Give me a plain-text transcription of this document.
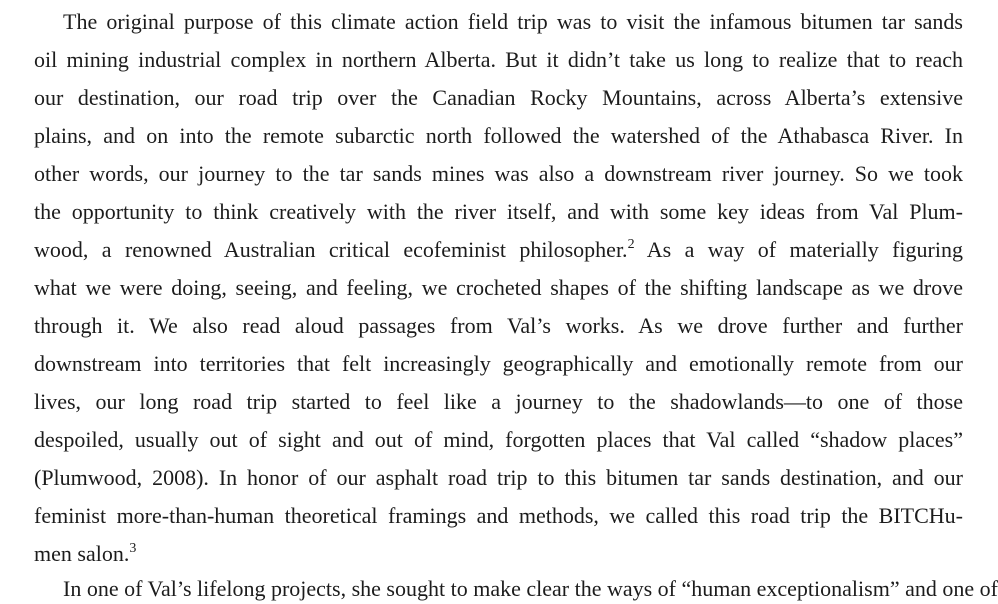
The original purpose of this climate action field trip was to visit the infamous bitumen tar sands
oil mining industrial complex in northern Alberta. But it didn’t take us long to realize that to reach
our destination, our road trip over the Canadian Rocky Mountains, across Alberta’s extensive
plains, and on into the remote subarctic north followed the watershed of the Athabasca River. In
other words, our journey to the tar sands mines was also a downstream river journey. So we took
the opportunity to think creatively with the river itself, and with some key ideas from Val Plum-
wood, a renowned Australian critical ecofeminist philosopher.$^2$ As a way of materially figuring
what we were doing, seeing, and feeling, we crocheted shapes of the shifting landscape as we drove
through it. We also read aloud passages from Val’s works. As we drove further and further
downstream into territories that felt increasingly geographically and emotionally remote from our
lives, our long road trip started to feel like a journey to the shadowlands—to one of those
despoiled, usually out of sight and out of mind, forgotten places that Val called “shadow places”
(Plumwood, 2008). In honor of our asphalt road trip to this bitumen tar sands destination, and our
feminist more-than-human theoretical framings and methods, we called this road trip the BITCHu-
men salon.$^3$
In one of Val’s lifelong projects, she sought to make clear the ways of “human exceptionalism” and one of
